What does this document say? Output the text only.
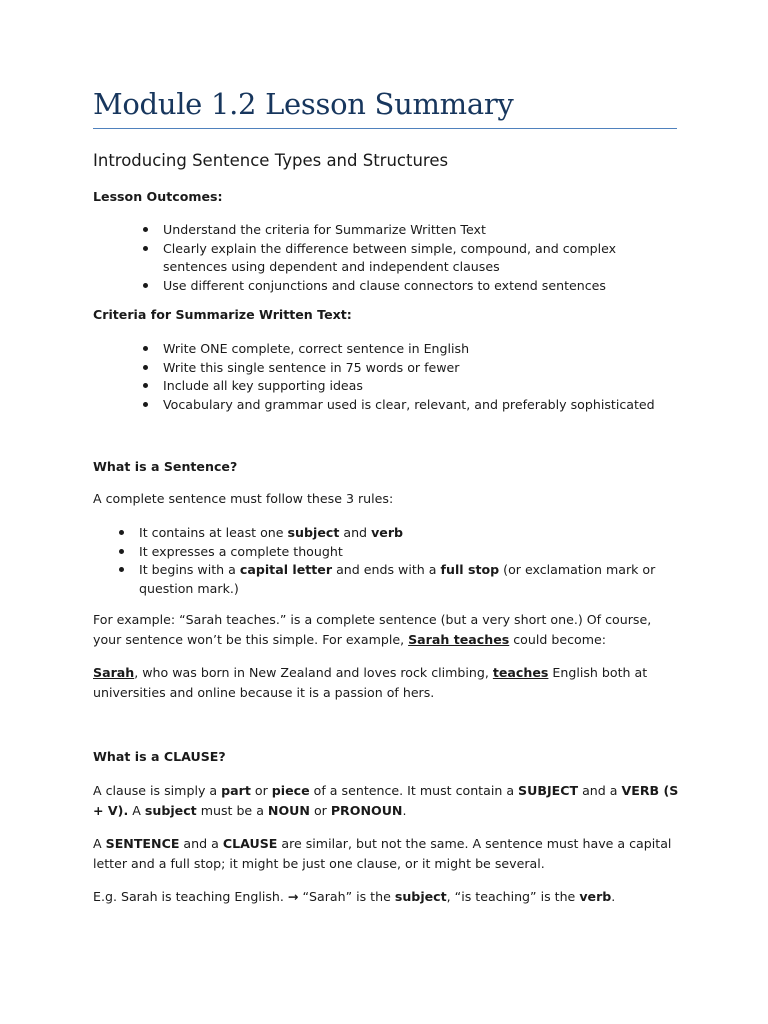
Module 1.2 Lesson Summary
Introducing Sentence Types and Structures

Lesson Outcomes:

Understand the criteria for Summarize Written Text
Clearly explain the difference between simple, compound, and complex sentences using dependent and independent clauses
Use different conjunctions and clause connectors to extend sentences

Criteria for Summarize Written Text:

Write ONE complete, correct sentence in English
Write this single sentence in 75 words or fewer
Include all key supporting ideas
Vocabulary and grammar used is clear, relevant, and preferably sophisticated

What is a Sentence?

A complete sentence must follow these 3 rules:

It contains at least one subject and verb
It expresses a complete thought
It begins with a capital letter and ends with a full stop (or exclamation mark or question mark.)

For example: “Sarah teaches.” is a complete sentence (but a very short one.) Of course, your sentence won’t be this simple. For example, Sarah teaches could become:

Sarah, who was born in New Zealand and loves rock climbing, teaches English both at universities and online because it is a passion of hers.

What is a CLAUSE?

A clause is simply a part or piece of a sentence. It must contain a SUBJECT and a VERB (S + V). A subject must be a NOUN or PRONOUN.

A SENTENCE and a CLAUSE are similar, but not the same. A sentence must have a capital letter and a full stop; it might be just one clause, or it might be several.

E.g. Sarah is teaching English. → “Sarah” is the subject, “is teaching” is the verb.
